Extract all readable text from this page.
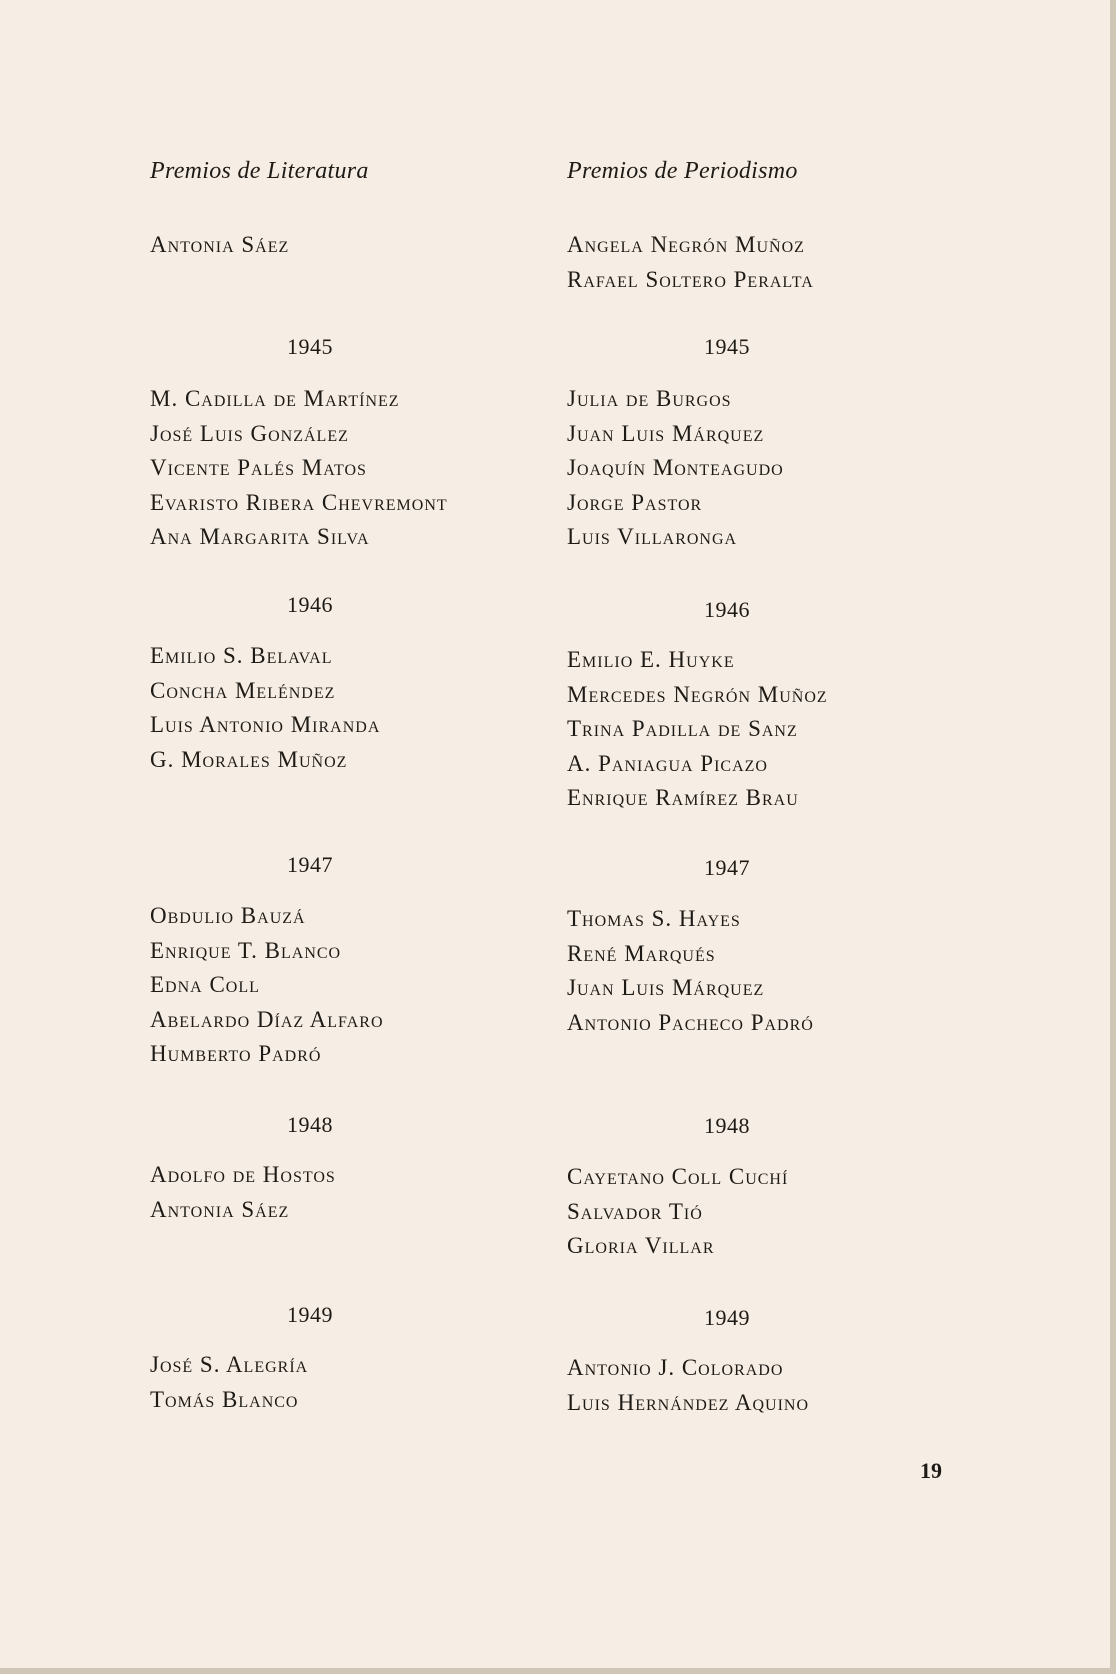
Premios de Literatura
Antonia Sáez
1945
M. Cadilla de Martínez
José Luis González
Vicente Palés Matos
Evaristo Ribera Chevremont
Ana Margarita Silva
1946
Emilio S. Belaval
Concha Meléndez
Luis Antonio Miranda
G. Morales Muñoz
1947
Obdulio Bauzá
Enrique T. Blanco
Edna Coll
Abelardo Díaz Alfaro
Humberto Padró
1948
Adolfo de Hostos
Antonia Sáez
1949
José S. Alegría
Tomás Blanco
Premios de Periodismo
Angela Negrón Muñoz
Rafael Soltero Peralta
1945
Julia de Burgos
Juan Luis Márquez
Joaquín Monteagudo
Jorge Pastor
Luis Villaronga
1946
Emilio E. Huyke
Mercedes Negrón Muñoz
Trina Padilla de Sanz
A. Paniagua Picazo
Enrique Ramírez Brau
1947
Thomas S. Hayes
René Marqués
Juan Luis Márquez
Antonio Pacheco Padró
1948
Cayetano Coll Cuchí
Salvador Tió
Gloria Villar
1949
Antonio J. Colorado
Luis Hernández Aquino
19
